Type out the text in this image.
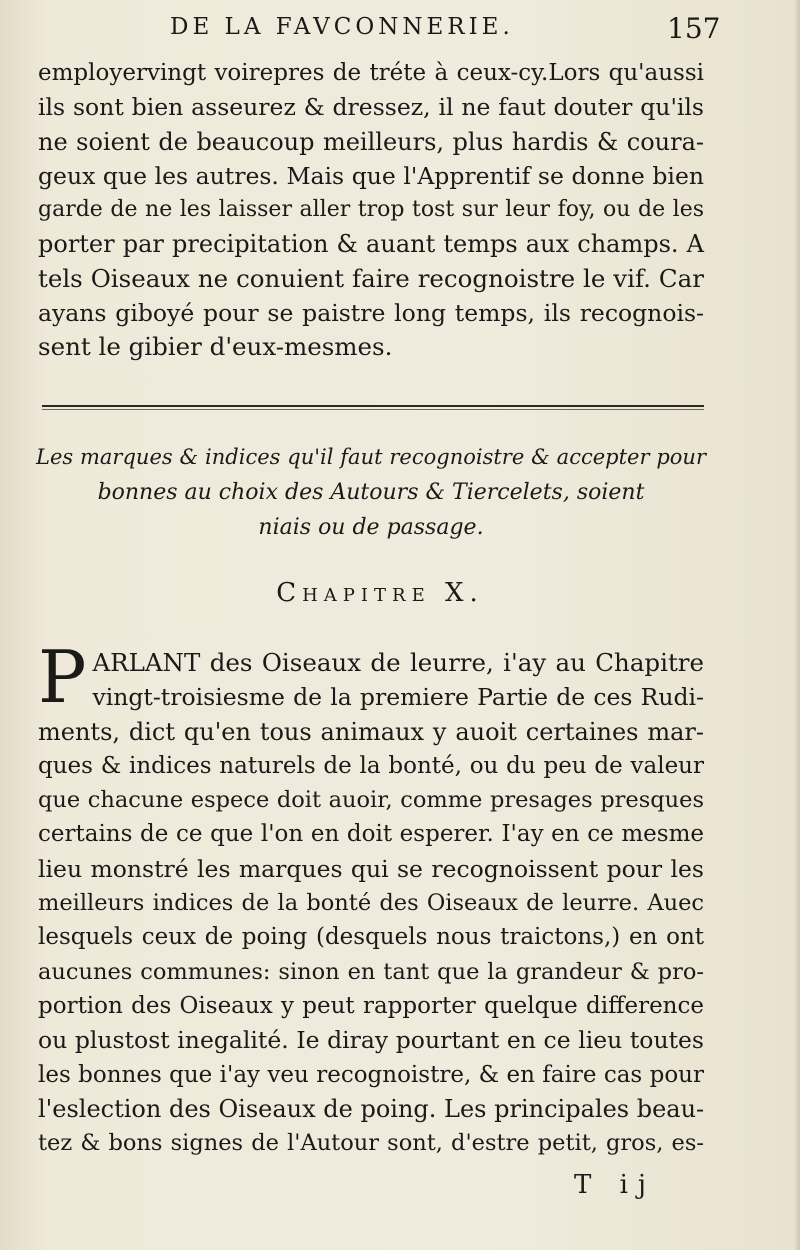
DE LA FAVCONNERIE.	157
employervingt voirepres de tréte à ceux-cy.Lors qu'aussi
ils sont bien asseurez & dressez, il ne faut douter qu'ils
ne soient de beaucoup meilleurs, plus hardis & coura-
geux que les autres. Mais que l'Apprentif se donne bien
garde de ne les laisser aller trop tost sur leur foy, ou de les
porter par precipitation & auant temps aux champs. A
tels Oiseaux ne conuient faire recognoistre le vif. Car
ayans giboyé pour se paistre long temps, ils recognois-
sent le gibier d'eux-mesmes.
Les marques & indices qu'il faut recognoistre & accepter pour
bonnes au choix des Autours & Tiercelets, soient
niais ou de passage.
Chapitre X.
P ARLANT des Oiseaux de leurre, i'ay au Chapitre
vingt-troisiesme de la premiere Partie de ces Rudi-
ments, dict qu'en tous animaux y auoit certaines mar-
ques & indices naturels de la bonté, ou du peu de valeur
que chacune espece doit auoir, comme presages presques
certains de ce que l'on en doit esperer. I'ay en ce mesme
lieu monstré les marques qui se recognoissent pour les
meilleurs indices de la bonté des Oiseaux de leurre. Auec
lesquels ceux de poing (desquels nous traictons,) en ont
aucunes communes: sinon en tant que la grandeur & pro-
portion des Oiseaux y peut rapporter quelque difference
ou plustost inegalité. Ie diray pourtant en ce lieu toutes
les bonnes que i'ay veu recognoistre, & en faire cas pour
l'eslection des Oiseaux de poing. Les principales beau-
tez & bons signes de l'Autour sont, d'estre petit, gros, es-
T ij
